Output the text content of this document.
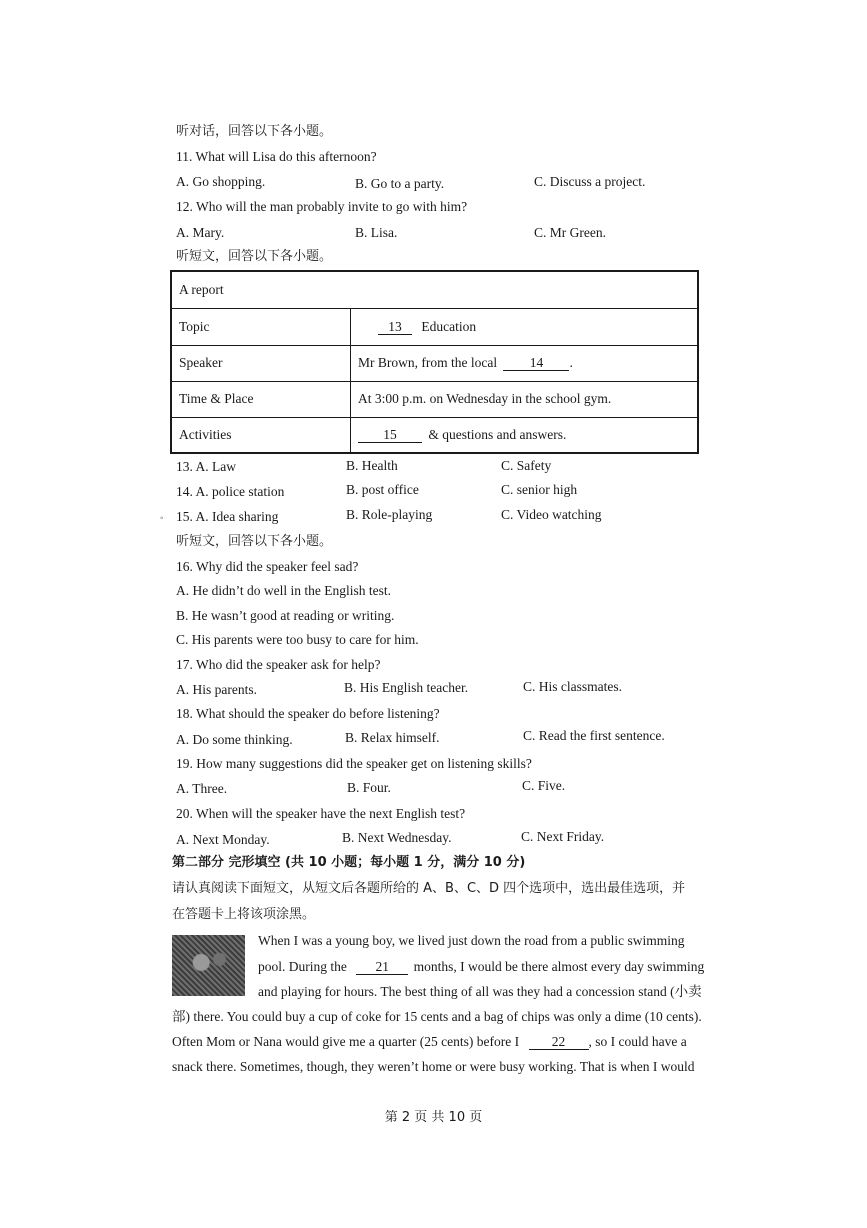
听对话，回答以下各小题。
11. What will Lisa do this afternoon?
A. Go shopping.	B. Go to a party.	C. Discuss a project.
12. Who will the man probably invite to go with him?
A. Mary.	B. Lisa.	C. Mr Green.
听短文，回答以下各小题。
A report	
Topic	13 Education
Speaker	Mr Brown, from the local 14 .
Time & Place	At 3:00 p.m. on Wednesday in the school gym.
Activities	15 & questions and answers.
13. A. Law	B. Health	C. Safety
14. A. police station	B. post office	C. senior high
◦ 15. A. Idea sharing	B. Role-playing	C. Video watching
听短文，回答以下各小题。
16. Why did the speaker feel sad?
A. He didn’t do well in the English test.
B. He wasn’t good at reading or writing.
C. His parents were too busy to care for him.
17. Who did the speaker ask for help?
A. His parents.	B. His English teacher.	C. His classmates.
18. What should the speaker do before listening?
A. Do some thinking.	B. Relax himself.	C. Read the first sentence.
19. How many suggestions did the speaker get on listening skills?
A. Three.	B. Four.	C. Five.
20. When will the speaker have the next English test?
A. Next Monday.	B. Next Wednesday.	C. Next Friday.
第二部分 完形填空 (共 10 小题；每小题 1 分，满分 10 分)
请认真阅读下面短文，从短文后各题所给的 A、B、C、D 四个选项中，选出最佳选项，并
在答题卡上将该项涂黑。
When I was a young boy, we lived just down the road from a public swimming
pool. During the 21 months, I would be there almost every day swimming
and playing for hours. The best thing of all was they had a concession stand (小卖
部) there. You could buy a cup of coke for 15 cents and a bag of chips was only a dime (10 cents).
Often Mom or Nana would give me a quarter (25 cents) before I 22 , so I could have a
snack there. Sometimes, though, they weren’t home or were busy working. That is when I would
第 2 页 共 10 页
